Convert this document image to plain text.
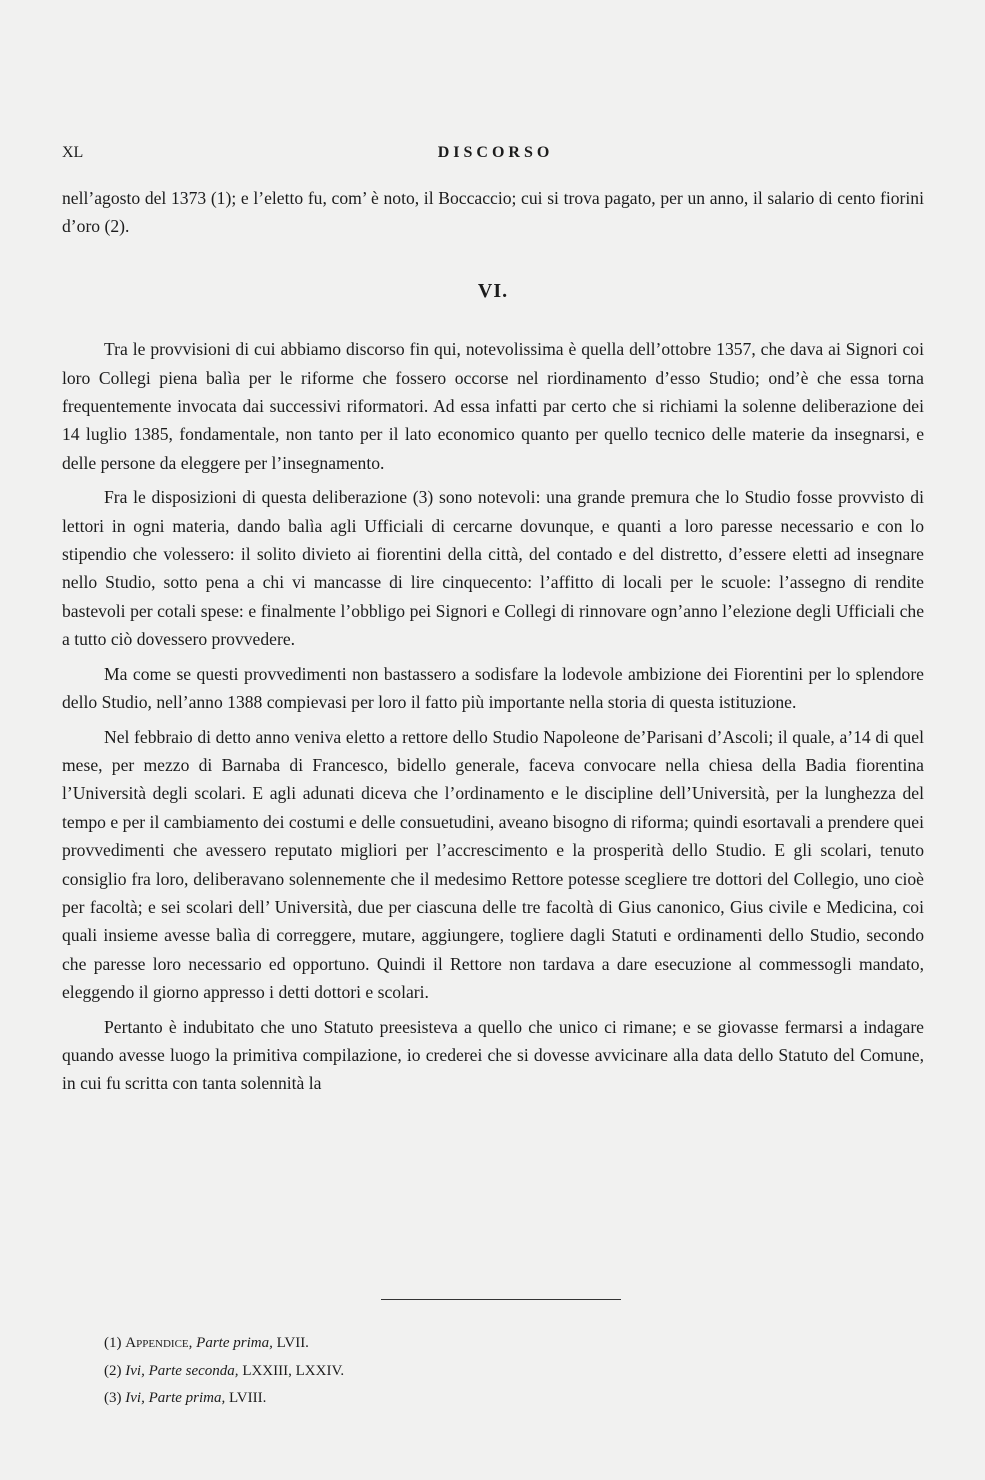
XL	DISCORSO

nell’agosto del 1373 (1); e l’eletto fu, com’ è noto, il Boccaccio; cui si trova pagato, per un anno, il salario di cento fiorini d’oro (2).

VI.

Tra le provvisioni di cui abbiamo discorso fin qui, notevolissima è quella dell’ottobre 1357, che dava ai Signori coi loro Collegi piena balìa per le riforme che fossero occorse nel riordinamento d’esso Studio; ond’è che essa torna frequentemente invocata dai successivi riformatori. Ad essa infatti par certo che si richiami la solenne deliberazione dei 14 luglio 1385, fondamentale, non tanto per il lato economico quanto per quello tecnico delle materie da insegnarsi, e delle persone da eleggere per l’insegnamento.

Fra le disposizioni di questa deliberazione (3) sono notevoli: una grande premura che lo Studio fosse provvisto di lettori in ogni materia, dando balìa agli Ufficiali di cercarne dovunque, e quanti a loro paresse necessario e con lo stipendio che volessero: il solito divieto ai fiorentini della città, del contado e del distretto, d’essere eletti ad insegnare nello Studio, sotto pena a chi vi mancasse di lire cinquecento: l’affitto di locali per le scuole: l’assegno di rendite bastevoli per cotali spese: e finalmente l’obbligo pei Signori e Collegi di rinnovare ogn’anno l’elezione degli Ufficiali che a tutto ciò dovessero provvedere.

Ma come se questi provvedimenti non bastassero a sodisfare la lodevole ambizione dei Fiorentini per lo splendore dello Studio, nell’anno 1388 compievasi per loro il fatto più importante nella storia di questa istituzione.

Nel febbraio di detto anno veniva eletto a rettore dello Studio Napoleone de’Parisani d’Ascoli; il quale, a’14 di quel mese, per mezzo di Barnaba di Francesco, bidello generale, faceva convocare nella chiesa della Badia fiorentina l’Università degli scolari. E agli adunati diceva che l’ordinamento e le discipline dell’Università, per la lunghezza del tempo e per il cambiamento dei costumi e delle consuetudini, aveano bisogno di riforma; quindi esortavali a prendere quei provvedimenti che avessero reputato migliori per l’accrescimento e la prosperità dello Studio. E gli scolari, tenuto consiglio fra loro, deliberavano solennemente che il medesimo Rettore potesse scegliere tre dottori del Collegio, uno cioè per facoltà; e sei scolari dell’ Università, due per ciascuna delle tre facoltà di Gius canonico, Gius civile e Medicina, coi quali insieme avesse balìa di correggere, mutare, aggiungere, togliere dagli Statuti e ordinamenti dello Studio, secondo che paresse loro necessario ed opportuno. Quindi il Rettore non tardava a dare esecuzione al commessogli mandato, eleggendo il giorno appresso i detti dottori e scolari.

Pertanto è indubitato che uno Statuto preesisteva a quello che unico ci rimane; e se giovasse fermarsi a indagare quando avesse luogo la primitiva compilazione, io crederei che si dovesse avvicinare alla data dello Statuto del Comune, in cui fu scritta con tanta solennità la

(1) Appendice, Parte prima, LVII.
(2) Ivi, Parte seconda, LXXIII, LXXIV.
(3) Ivi, Parte prima, LVIII.
